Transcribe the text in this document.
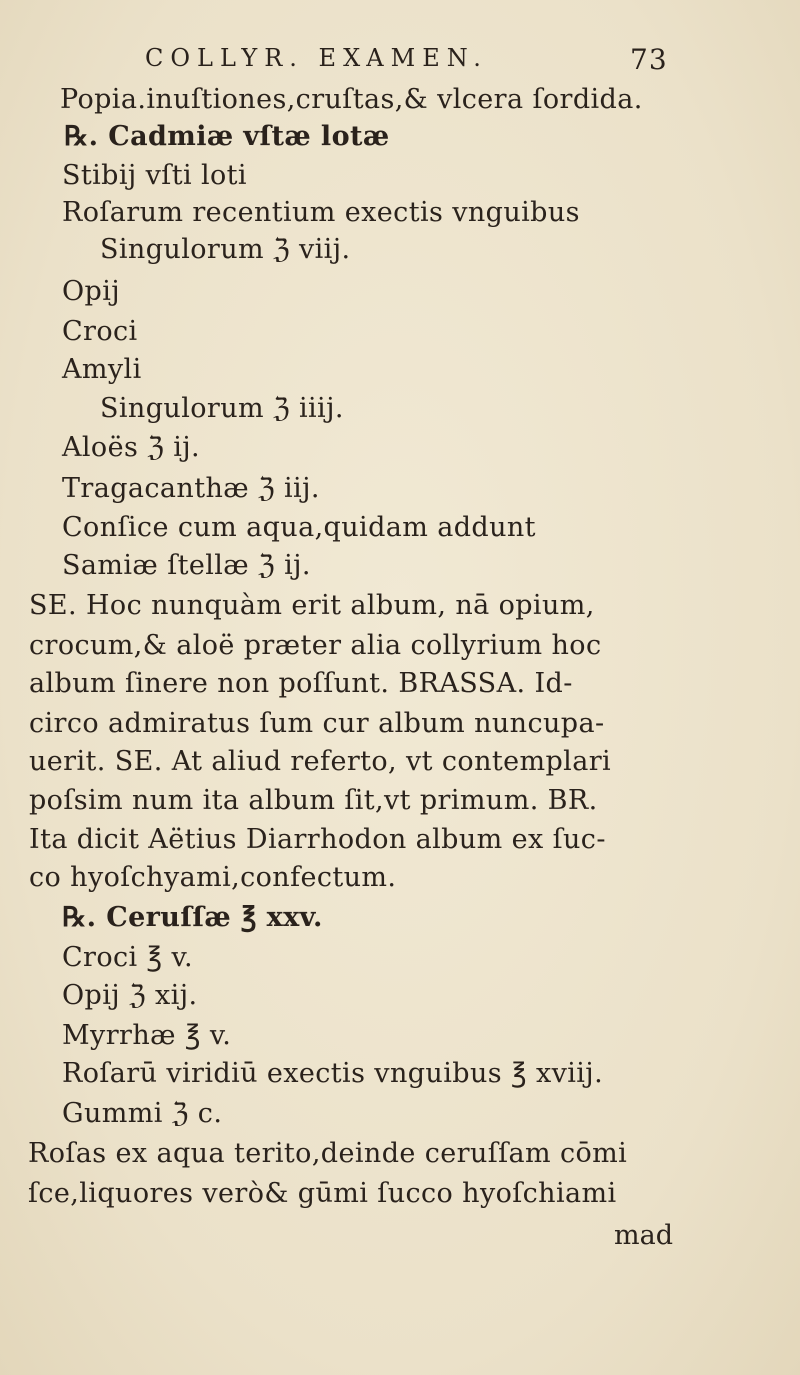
COLLYR. EXAMEN.	73
Popia.inuſtiones,cruſtas,& vlcera ſordida.
℞. Cadmiæ vſtæ lotæ
Stibij vſti loti
Roſarum recentium exectis vnguibus
Singulorum ℨ viij.
Opij
Croci
Amyli
Singulorum ℨ iiij.
Aloës ℨ ij.
Tragacanthæ ℨ iij.
Conſice cum aqua,quidam addunt
Samiæ ſtellæ ℨ ij.
SE. Hoc nunquàm erit album, nā opium,
crocum,& aloë præter alia collyrium hoc
album ſinere non poſſunt. BRASSA. Id-
circo admiratus ſum cur album nuncupa-
uerit. SE. At aliud referto, vt contemplari
poſsim num ita album ſit,vt primum. BR.
Ita dicit Aëtius Diarrhodon album ex ſuc-
co hyoſchyami,confectum.
℞. Ceruſſæ ℥ xxv.
Croci ℥ v.
Opij ℨ xij.
Myrrhæ ℥ v.
Roſarū viridiū exectis vnguibus ℥ xviij.
Gummi ℨ c.
Roſas ex aqua terito,deinde ceruſſam cōmi
ſce,liquores verò& gūmi ſucco hyoſchiami
mad
